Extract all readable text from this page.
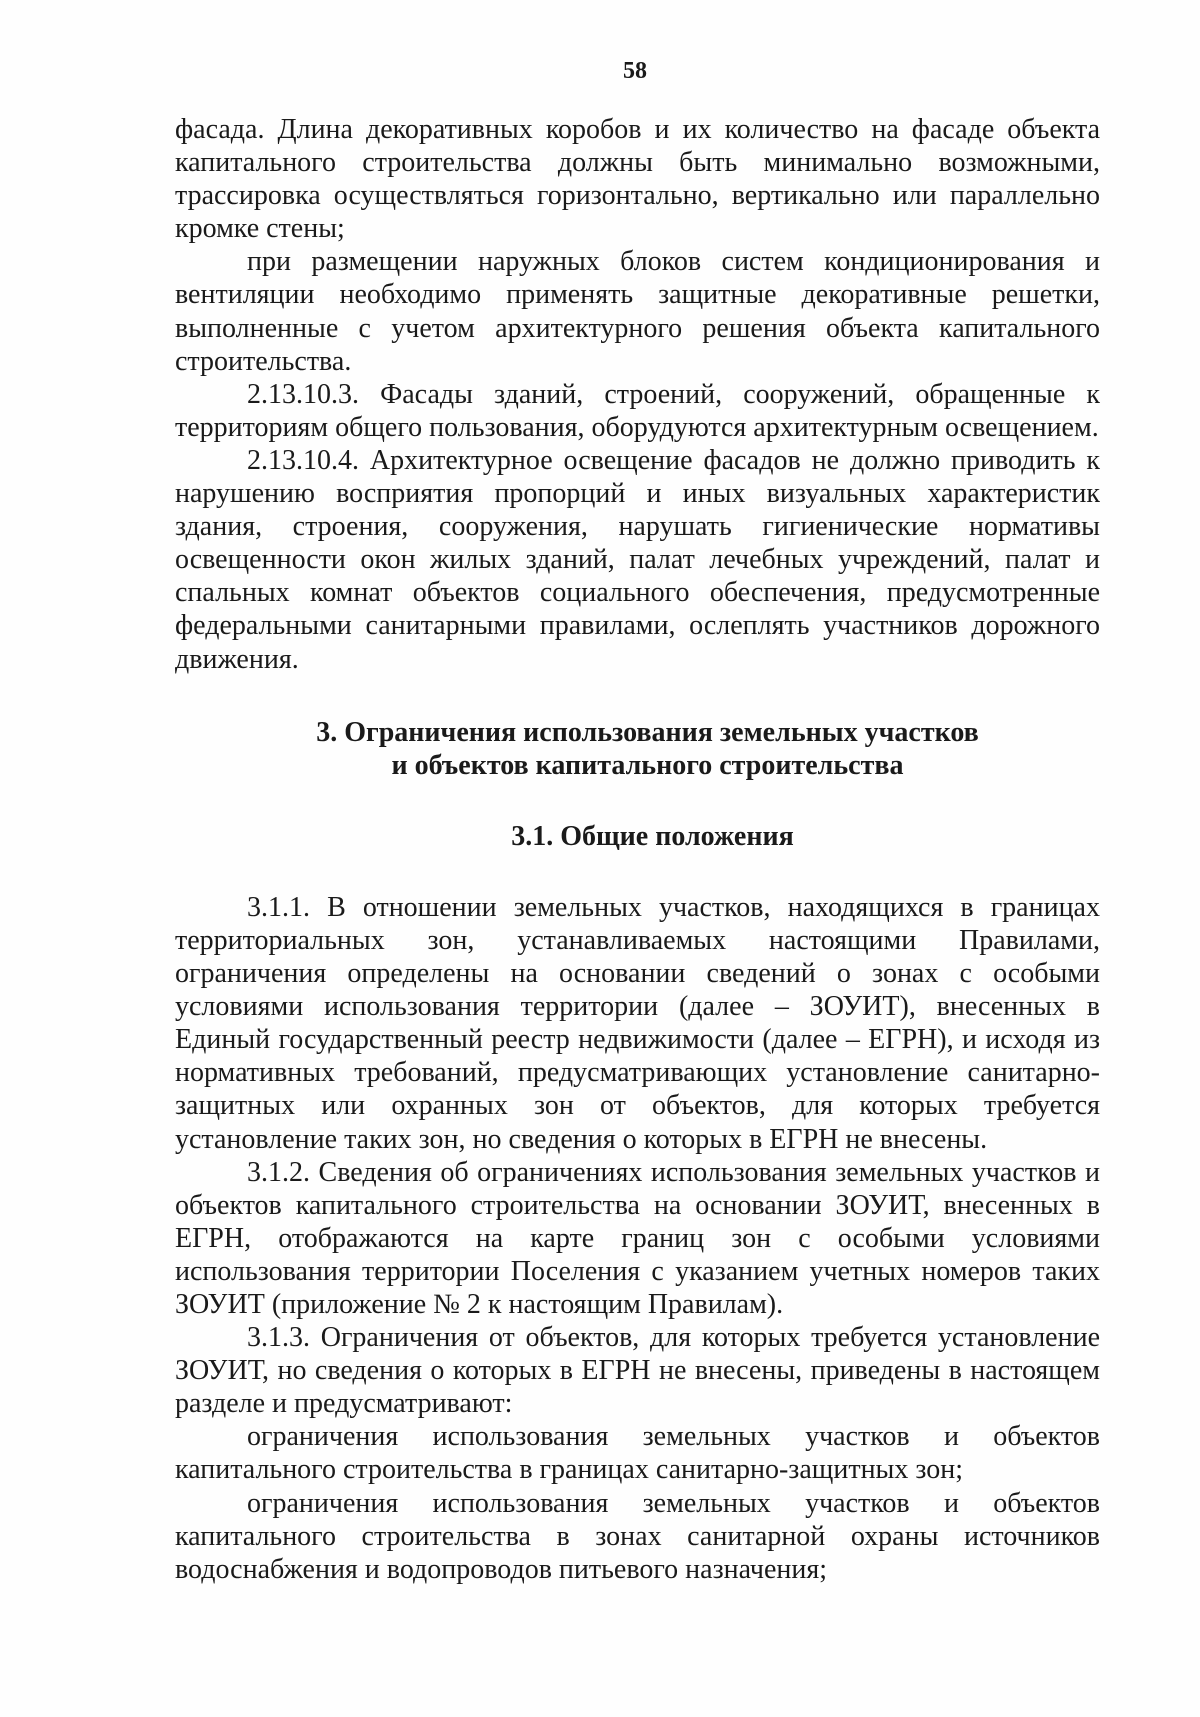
58

фасада. Длина декоративных коробов и их количество на фасаде объекта капитального строительства должны быть минимально возможными, трассировка осуществляться горизонтально, вертикально или параллельно кромке стены;

при размещении наружных блоков систем кондиционирования и вентиляции необходимо применять защитные декоративные решетки, выполненные с учетом архитектурного решения объекта капитального строительства.

2.13.10.3. Фасады зданий, строений, сооружений, обращенные к территориям общего пользования, оборудуются архитектурным освещением.

2.13.10.4. Архитектурное освещение фасадов не должно приводить к нарушению восприятия пропорций и иных визуальных характеристик здания, строения, сооружения, нарушать гигиенические нормативы освещенности окон жилых зданий, палат лечебных учреждений, палат и спальных комнат объектов социального обеспечения, предусмотренные федеральными санитарными правилами, ослеплять участников дорожного движения.

3. Ограничения использования земельных участков
и объектов капитального строительства
3.1. Общие положения

3.1.1. В отношении земельных участков, находящихся в границах территориальных зон, устанавливаемых настоящими Правилами, ограничения определены на основании сведений о зонах с особыми условиями использования территории (далее – ЗОУИТ), внесенных в Единый государственный реестр недвижимости (далее – ЕГРН), и исходя из нормативных требований, предусматривающих установление санитарно-защитных или охранных зон от объектов, для которых требуется установление таких зон, но сведения о которых в ЕГРН не внесены.

3.1.2. Сведения об ограничениях использования земельных участков и объектов капитального строительства на основании ЗОУИТ, внесенных в ЕГРН, отображаются на карте границ зон с особыми условиями использования территории Поселения с указанием учетных номеров таких ЗОУИТ (приложение № 2 к настоящим Правилам).

3.1.3. Ограничения от объектов, для которых требуется установление ЗОУИТ, но сведения о которых в ЕГРН не внесены, приведены в настоящем разделе и предусматривают:

ограничения использования земельных участков и объектов капитального строительства в границах санитарно-защитных зон;

ограничения использования земельных участков и объектов капитального строительства в зонах санитарной охраны источников водоснабжения и водопроводов питьевого назначения;
